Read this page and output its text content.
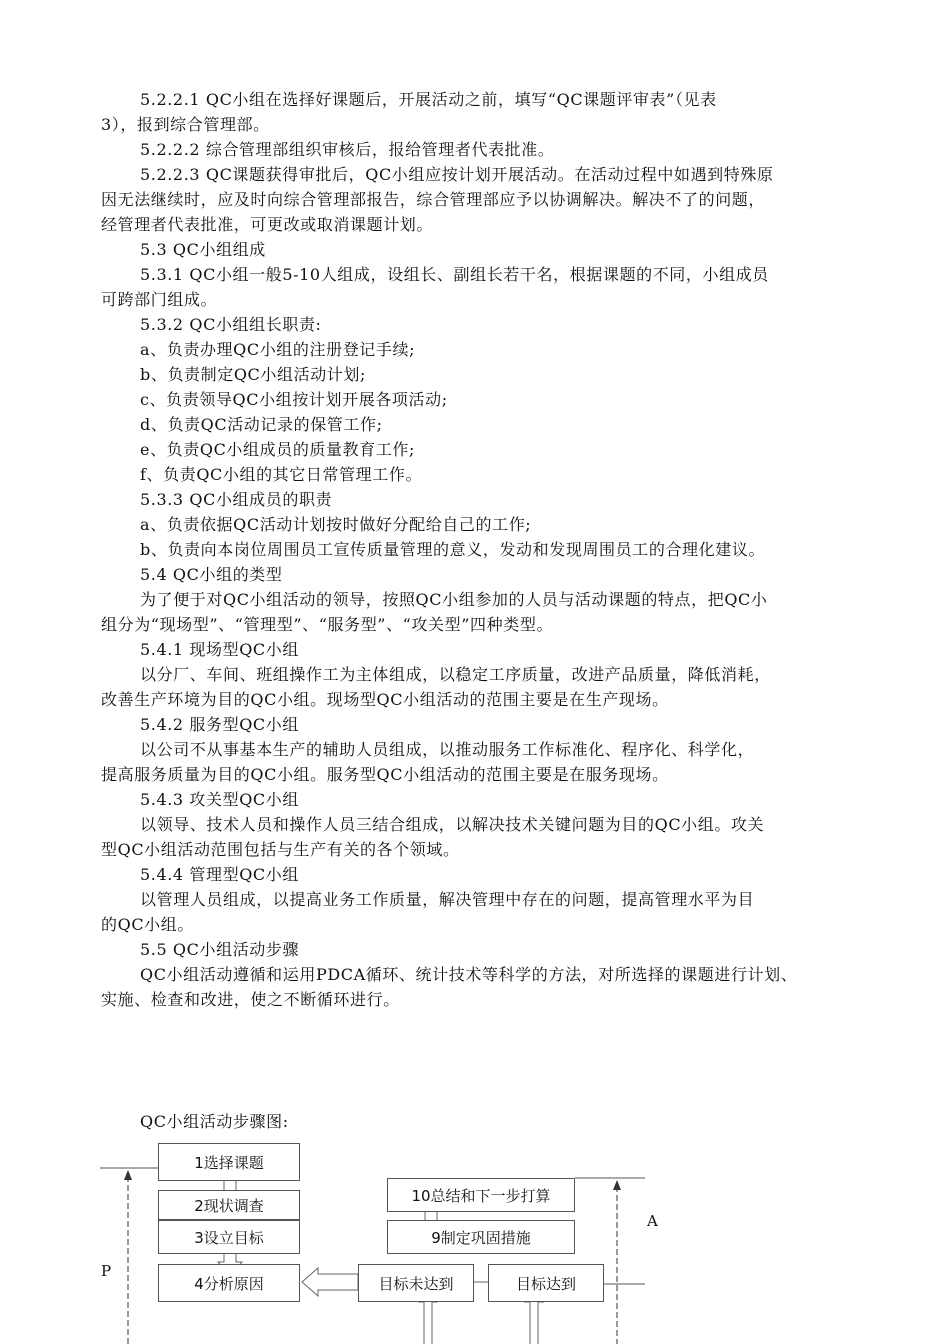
5.2.2.1 QC小组在选择好课题后，开展活动之前，填写“QC课题评审表”（见表
3），报到综合管理部。
5.2.2.2 综合管理部组织审核后，报给管理者代表批准。
5.2.2.3 QC课题获得审批后，QC小组应按计划开展活动。在活动过程中如遇到特殊原
因无法继续时，应及时向综合管理部报告，综合管理部应予以协调解决。解决不了的问题，
经管理者代表批准，可更改或取消课题计划。
5.3 QC小组组成
5.3.1 QC小组一般5-10人组成，设组长、副组长若干名，根据课题的不同，小组成员
可跨部门组成。
5.3.2 QC小组组长职责:
a、负责办理QC小组的注册登记手续;
b、负责制定QC小组活动计划;
c、负责领导QC小组按计划开展各项活动;
d、负责QC活动记录的保管工作;
e、负责QC小组成员的质量教育工作;
f、负责QC小组的其它日常管理工作。
5.3.3 QC小组成员的职责
a、负责依据QC活动计划按时做好分配给自己的工作;
b、负责向本岗位周围员工宣传质量管理的意义，发动和发现周围员工的合理化建议。
5.4 QC小组的类型
为了便于对QC小组活动的领导，按照QC小组参加的人员与活动课题的特点，把QC小
组分为“现场型”、“管理型”、“服务型”、“攻关型”四种类型。
5.4.1 现场型QC小组
以分厂、车间、班组操作工为主体组成，以稳定工序质量，改进产品质量，降低消耗，
改善生产环境为目的QC小组。现场型QC小组活动的范围主要是在生产现场。
5.4.2 服务型QC小组
以公司不从事基本生产的辅助人员组成，以推动服务工作标准化、程序化、科学化，
提高服务质量为目的QC小组。服务型QC小组活动的范围主要是在服务现场。
5.4.3 攻关型QC小组
以领导、技术人员和操作人员三结合组成，以解决技术关键问题为目的QC小组。攻关
型QC小组活动范围包括与生产有关的各个领域。
5.4.4 管理型QC小组
以管理人员组成，以提高业务工作质量，解决管理中存在的问题，提高管理水平为目
的QC小组。
5.5 QC小组活动步骤
QC小组活动遵循和运用PDCA循环、统计技术等科学的方法，对所选择的课题进行计划、
实施、检查和改进，使之不断循环进行。
QC小组活动步骤图:
1选择课题
2现状调查
3设立目标
4分析原因
10总结和下一步打算
9制定巩固措施
目标未达到	目标达到
P
A
